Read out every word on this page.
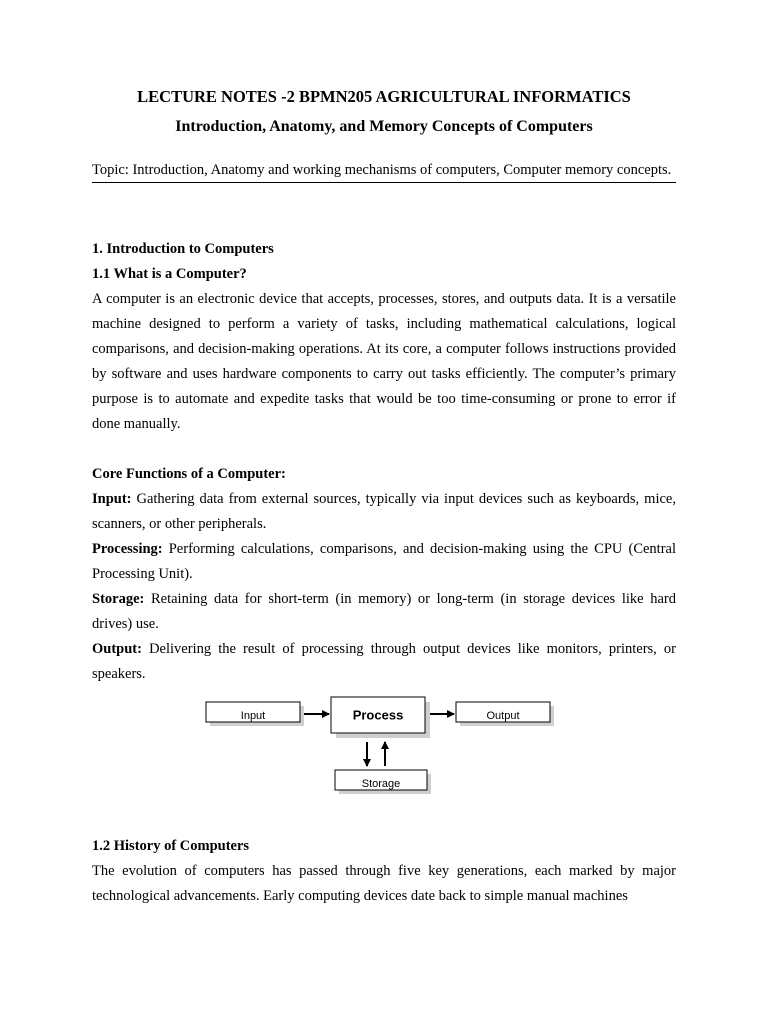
LECTURE NOTES -2 BPMN205 AGRICULTURAL INFORMATICS
Introduction, Anatomy, and Memory Concepts of Computers
Topic: Introduction, Anatomy and working mechanisms of computers, Computer memory concepts.

1. Introduction to Computers

1.1 What is a Computer?

A computer is an electronic device that accepts, processes, stores, and outputs data. It is a versatile machine designed to perform a variety of tasks, including mathematical calculations, logical comparisons, and decision-making operations. At its core, a computer follows instructions provided by software and uses hardware components to carry out tasks efficiently. The computer’s primary purpose is to automate and expedite tasks that would be too time-consuming or prone to error if done manually.

Core Functions of a Computer:

Input: Gathering data from external sources, typically via input devices such as keyboards, mice, scanners, or other peripherals.

Processing: Performing calculations, comparisons, and decision-making using the CPU (Central Processing Unit).

Storage: Retaining data for short-term (in memory) or long-term (in storage devices like hard drives) use.

Output: Delivering the result of processing through output devices like monitors, printers, or speakers.

Input	Process	Output
Storage

1.2 History of Computers

The evolution of computers has passed through five key generations, each marked by major technological advancements. Early computing devices date back to simple manual machines
